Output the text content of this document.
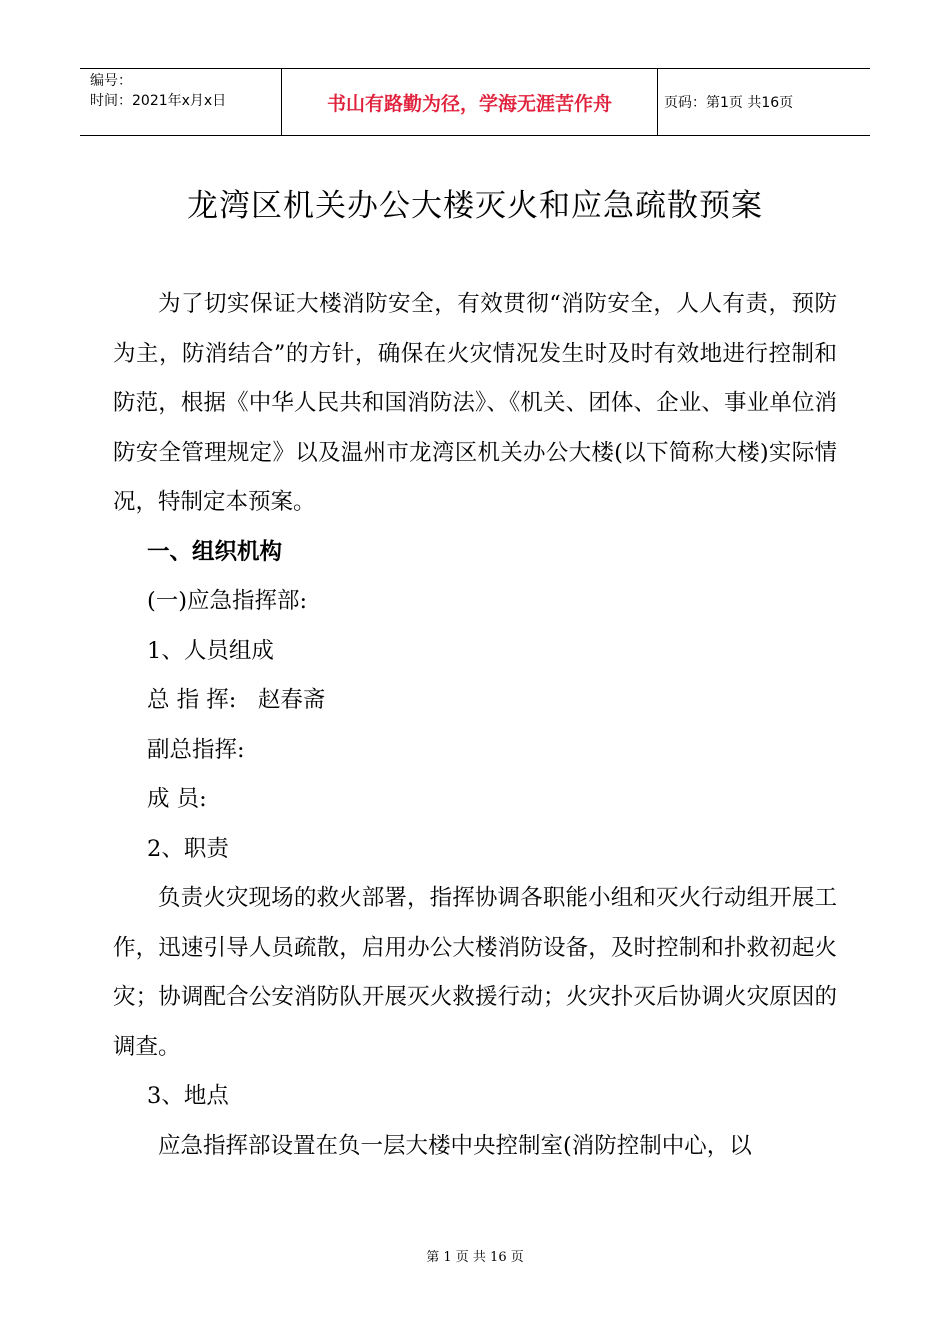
编号：
时间：2021年x月x日	书山有路勤为径，学海无涯苦作舟	页码：第1页 共16页
龙湾区机关办公大楼灭火和应急疏散预案

为了切实保证大楼消防安全，有效贯彻“消防安全，人人有责，预防为主，防消结合”的方针，确保在火灾情况发生时及时有效地进行控制和防范，根据《中华人民共和国消防法》、《机关、团体、企业、事业单位消防安全管理规定》以及温州市龙湾区机关办公大楼(以下简称大楼)实际情况，特制定本预案。

一、组织机构

(一)应急指挥部:

1、人员组成

总 指 挥: 赵春斋

副总指挥:

成 员:

2、职责

负责火灾现场的救火部署，指挥协调各职能小组和灭火行动组开展工作，迅速引导人员疏散，启用办公大楼消防设备，及时控制和扑救初起火灾；协调配合公安消防队开展灭火救援行动；火灾扑灭后协调火灾原因的调查。

3、地点

应急指挥部设置在负一层大楼中央控制室(消防控制中心，以

第 1 页 共 16 页
